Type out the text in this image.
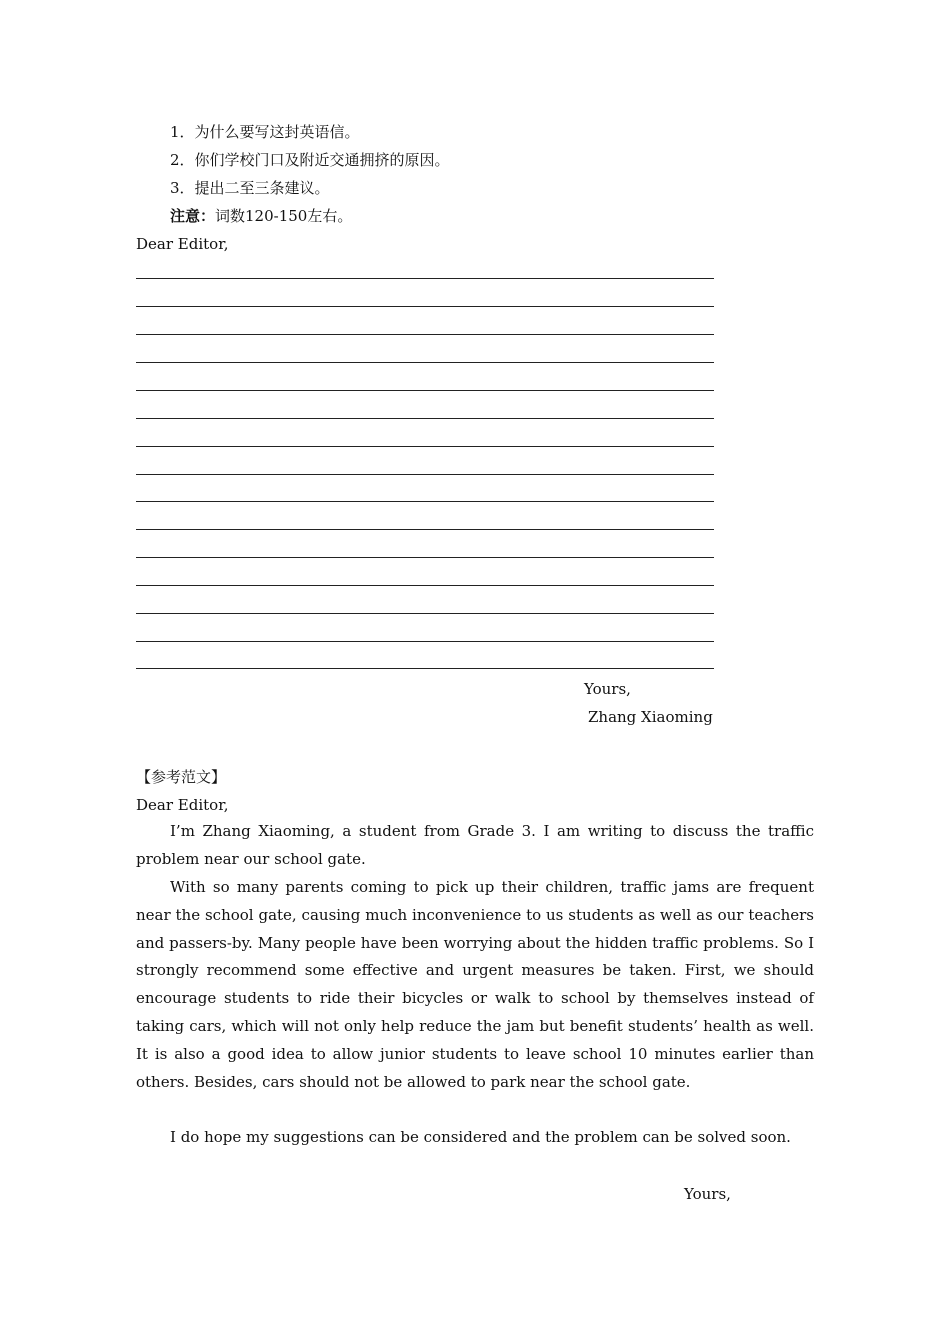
1．为什么要写这封英语信。
2．你们学校门口及附近交通拥挤的原因。
3．提出二至三条建议。
注意：词数120-150左右。
Dear Editor,
Yours,
Zhang Xiaoming
【参考范文】
Dear Editor,
I’m Zhang Xiaoming, a student from Grade 3. I am writing to discuss the traffic problem near our school gate.
With so many parents coming to pick up their children, traffic jams are frequent near the school gate, causing much inconvenience to us students as well as our teachers and passers-by. Many people have been worrying about the hidden traffic problems. So I strongly recommend some effective and urgent measures be taken. First, we should encourage students to ride their bicycles or walk to school by themselves instead of taking cars, which will not only help reduce the jam but benefit students’ health as well. It is also a good idea to allow junior students to leave school 10 minutes earlier than others. Besides, cars should not be allowed to park near the school gate.
I do hope my suggestions can be considered and the problem can be solved soon.
Yours,
